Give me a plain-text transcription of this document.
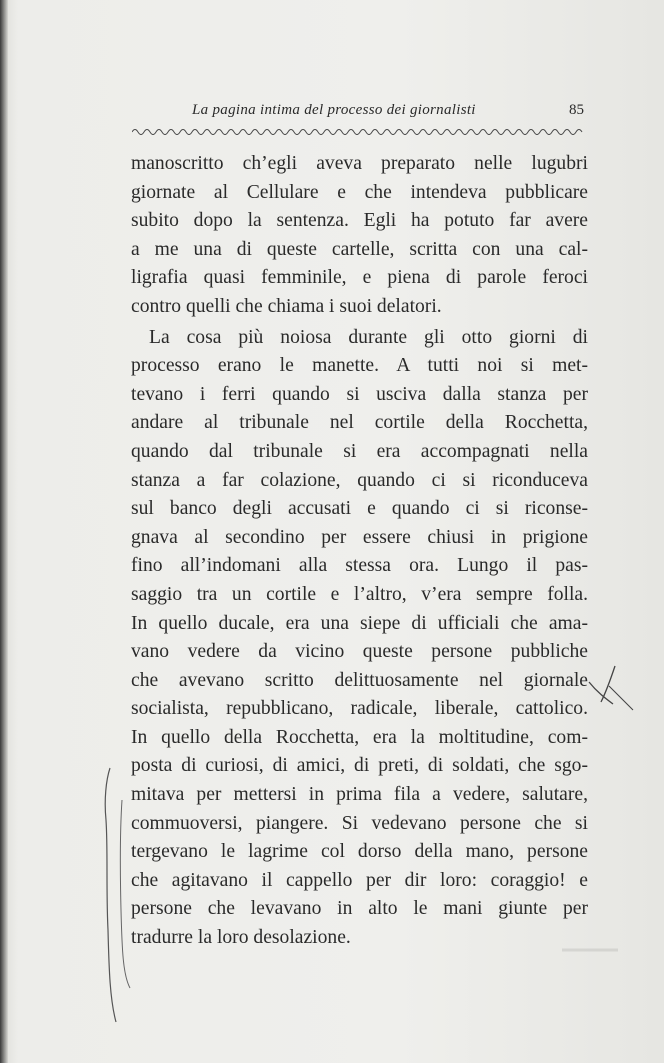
La pagina intima del processo dei giornalisti	85
manoscritto ch’egli aveva preparato nelle lugubri
giornate al Cellulare e che intendeva pubblicare
subito dopo la sentenza. Egli ha potuto far avere
a me una di queste cartelle, scritta con una cal-
ligrafia quasi femminile, e piena di parole feroci
contro quelli che chiama i suoi delatori.
La cosa più noiosa durante gli otto giorni di
processo erano le manette. A tutti noi si met-
tevano i ferri quando si usciva dalla stanza per
andare al tribunale nel cortile della Rocchetta,
quando dal tribunale si era accompagnati nella
stanza a far colazione, quando ci si riconduceva
sul banco degli accusati e quando ci si riconse-
gnava al secondino per essere chiusi in prigione
fino all’indomani alla stessa ora. Lungo il pas-
saggio tra un cortile e l’altro, v’era sempre folla.
In quello ducale, era una siepe di ufficiali che ama-
vano vedere da vicino queste persone pubbliche
che avevano scritto delittuosamente nel giornale
socialista, repubblicano, radicale, liberale, cattolico.
In quello della Rocchetta, era la moltitudine, com-
posta di curiosi, di amici, di preti, di soldati, che sgo-
mitava per mettersi in prima fila a vedere, salutare,
commuoversi, piangere. Si vedevano persone che si
tergevano le lagrime col dorso della mano, persone
che agitavano il cappello per dir loro: coraggio! e
persone che levavano in alto le mani giunte per
tradurre la loro desolazione.
